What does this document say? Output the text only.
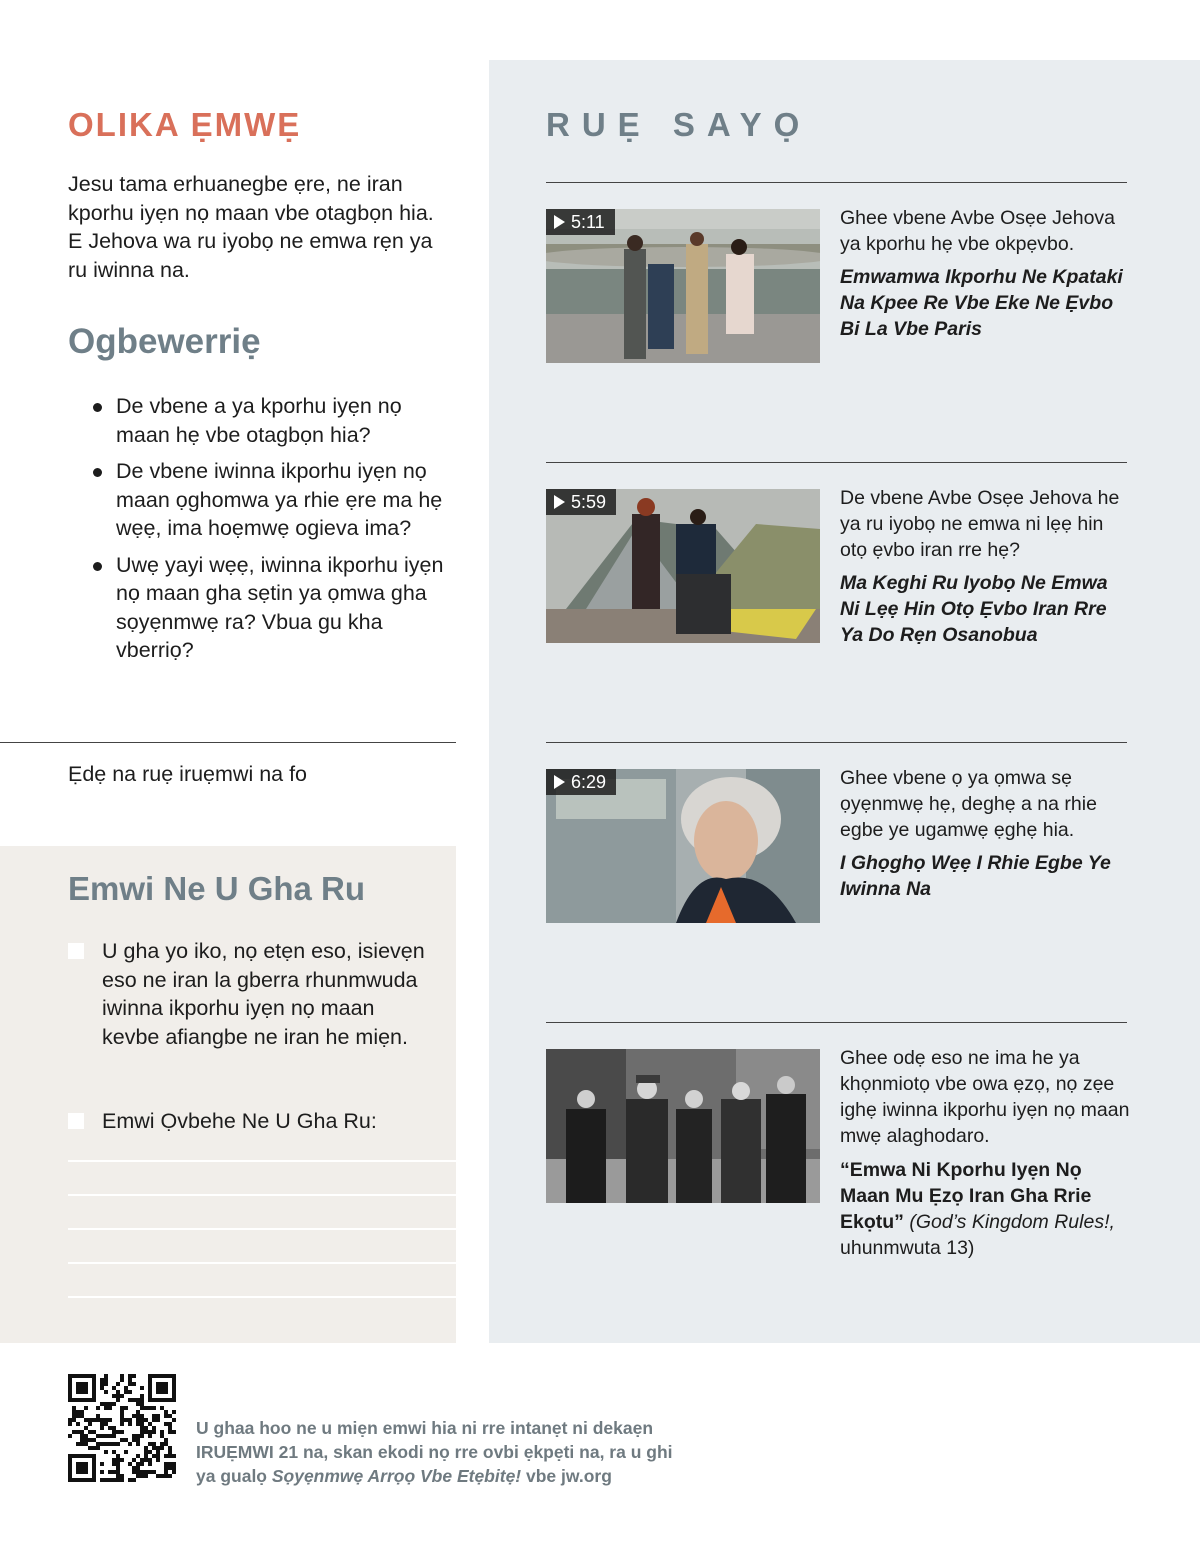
OLIKA ẸMWẸ

Jesu tama erhuanegbe ẹre, ne iran kporhu iyẹn nọ maan vbe otagbọn hia. E Jehova wa ru iyobọ ne emwa rẹn ya ru iwinna na.

Ogbewerriẹ
De vbene a ya kporhu iyẹn nọ maan hẹ vbe otagbọn hia?
De vbene iwinna ikporhu iyẹn nọ maan ọghomwa ya rhie ẹre ma hẹ wẹẹ, ima hoẹmwẹ ogieva ima?
Uwẹ yayi wẹẹ, iwinna ikporhu iyẹn nọ maan gha sẹtin ya ọmwa gha sọyẹnmwẹ ra? Vbua gu kha vberriọ?

Ẹdẹ na ruẹ iruẹmwi na fo

Emwi Ne U Gha Ru
U gha yo iko, nọ etẹn eso, isievẹn eso ne iran la gberra rhunmwuda iwinna ikporhu iyẹn nọ maan kevbe afiangbe ne iran he miẹn.
Emwi Ọvbehe Ne U Gha Ru:
RUẸ SAYỌ
5:11	Ghee vbene Avbe Osẹe Jehova ya kporhu hẹ vbe okpẹvbo.

Emwamwa Ikporhu Ne Kpataki Na Kpee Re Vbe Eke Ne Ẹvbo Bi La Vbe Paris

5:59	De vbene Avbe Osẹe Jehova he ya ru iyobọ ne emwa ni lẹẹ hin otọ ẹvbo iran rre hẹ?

Ma Keghi Ru Iyobọ Ne Emwa Ni Lẹẹ Hin Otọ Ẹvbo Iran Rre Ya Do Rẹn Osanobua

6:29	Ghee vbene ọ ya ọmwa sẹ ọyẹnmwẹ hẹ, deghẹ a na rhie egbe ye ugamwẹ ẹghẹ hia.

I Ghọghọ Wẹẹ I Rhie Egbe Ye Iwinna Na

Ghee odẹ eso ne ima he ya khọnmiotọ vbe owa ẹzọ, nọ zẹe ighẹ iwinna ikporhu iyẹn nọ maan mwẹ alaghodaro.

“Emwa Ni Kporhu Iyẹn Nọ Maan Mu Ẹzọ Iran Gha Rrie Ekọtu” (God’s Kingdom Rules!, uhunmwuta 13)

U ghaa hoo ne u miẹn emwi hia ni rre intanẹt ni dekaẹn IRUẸMWI 21 na, skan ekodi nọ rre ovbi ẹkpẹti na, ra u ghi ya gualọ Sọyẹnmwẹ Arrọọ Vbe Etẹbitẹ! vbe jw.org
